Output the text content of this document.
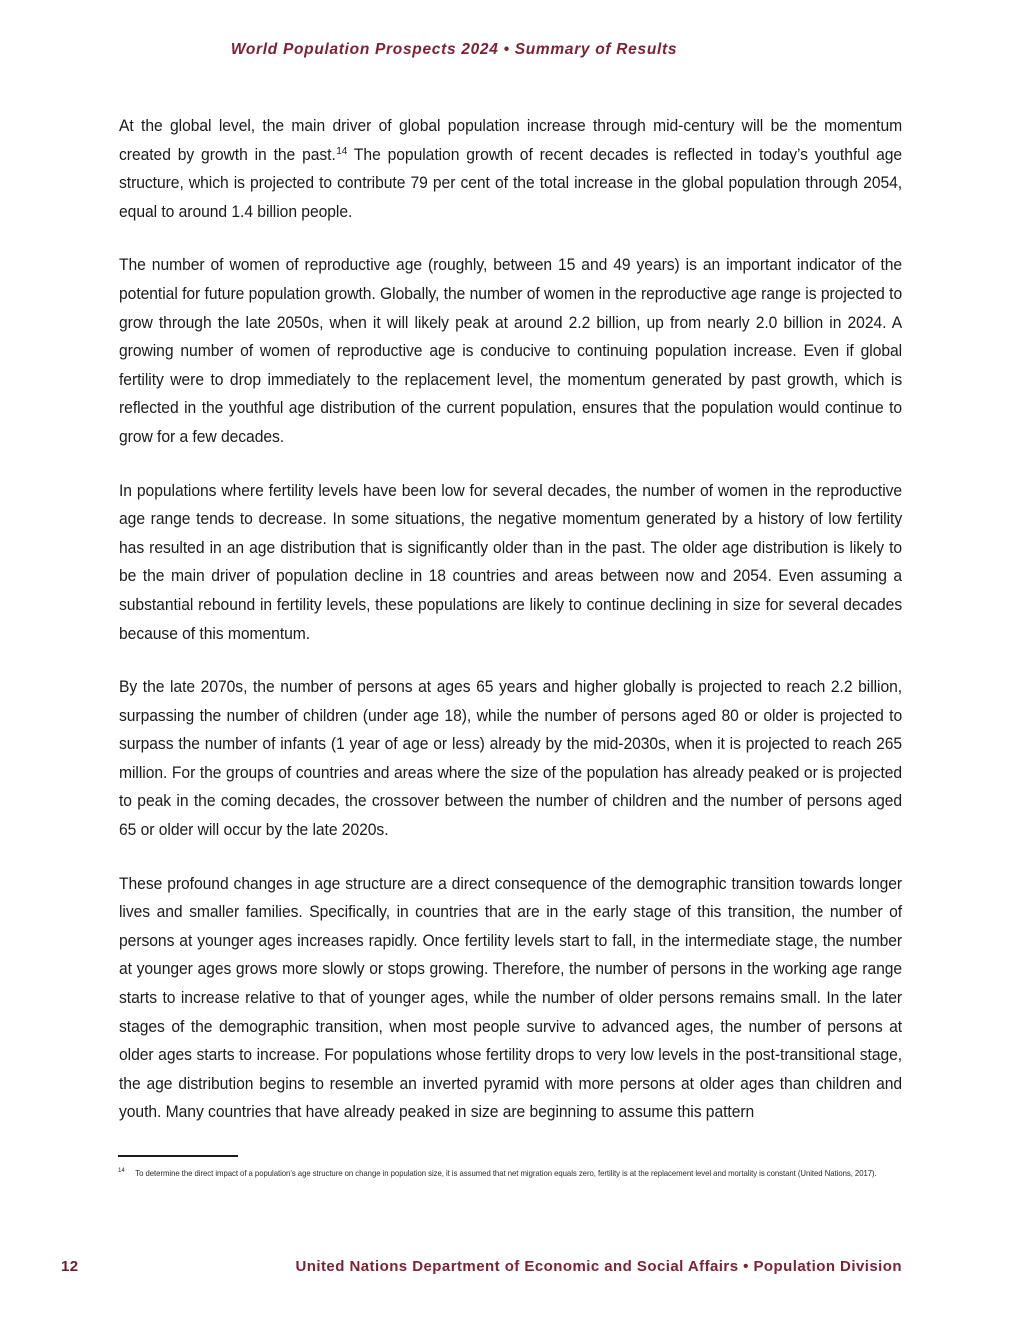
World Population Prospects 2024 • Summary of Results

At the global level, the main driver of global population increase through mid-century will be the momentum created by growth in the past.$^{14}$ The population growth of recent decades is reflected in today’s youthful age structure, which is projected to contribute 79 per cent of the total increase in the global population through 2054, equal to around 1.4 billion people.

The number of women of reproductive age (roughly, between 15 and 49 years) is an important indicator of the potential for future population growth. Globally, the number of women in the reproductive age range is projected to grow through the late 2050s, when it will likely peak at around 2.2 billion, up from nearly 2.0 billion in 2024. A growing number of women of reproductive age is conducive to continuing population increase. Even if global fertility were to drop immediately to the replacement level, the momentum generated by past growth, which is reflected in the youthful age distribution of the current population, ensures that the population would continue to grow for a few decades.

In populations where fertility levels have been low for several decades, the number of women in the reproductive age range tends to decrease. In some situations, the negative momentum generated by a history of low fertility has resulted in an age distribution that is significantly older than in the past. The older age distribution is likely to be the main driver of population decline in 18 countries and areas between now and 2054. Even assuming a substantial rebound in fertility levels, these populations are likely to continue declining in size for several decades because of this momentum.

By the late 2070s, the number of persons at ages 65 years and higher globally is projected to reach 2.2 billion, surpassing the number of children (under age 18), while the number of persons aged 80 or older is projected to surpass the number of infants (1 year of age or less) already by the mid-2030s, when it is projected to reach 265 million. For the groups of countries and areas where the size of the population has already peaked or is projected to peak in the coming decades, the crossover between the number of children and the number of persons aged 65 or older will occur by the late 2020s.

These profound changes in age structure are a direct consequence of the demographic transition towards longer lives and smaller families. Specifically, in countries that are in the early stage of this transition, the number of persons at younger ages increases rapidly. Once fertility levels start to fall, in the intermediate stage, the number at younger ages grows more slowly or stops growing. Therefore, the number of persons in the working age range starts to increase relative to that of younger ages, while the number of older persons remains small. In the later stages of the demographic transition, when most people survive to advanced ages, the number of persons at older ages starts to increase. For populations whose fertility drops to very low levels in the post-transitional stage, the age distribution begins to resemble an inverted pyramid with more persons at older ages than children and youth. Many countries that have already peaked in size are beginning to assume this pattern

$^{14}$ To determine the direct impact of a population’s age structure on change in population size, it is assumed that net migration equals zero, fertility is at the replacement level and mortality is constant (United Nations, 2017).
12	United Nations Department of Economic and Social Affairs • Population Division
